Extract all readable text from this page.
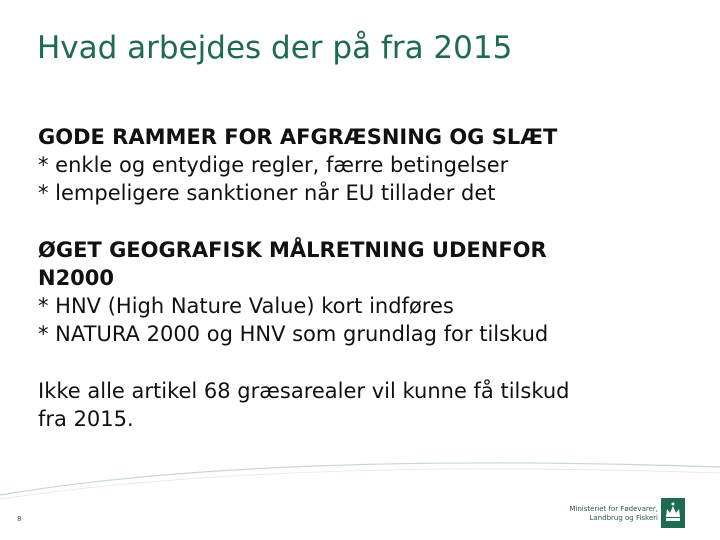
Hvad arbejdes der på fra 2015
GODE RAMMER FOR AFGRÆSNING OG SLÆT
* enkle og entydige regler, færre betingelser
* lempeligere sanktioner når EU tillader det
ØGET GEOGRAFISK MÅLRETNING UDENFOR
N2000
* HNV (High Nature Value) kort indføres
* NATURA 2000 og HNV som grundlag for tilskud
Ikke alle artikel 68 græsarealer vil kunne få tilskud
fra 2015.
8
Ministeriet for Fødevarer,
Landbrug og Fiskeri
